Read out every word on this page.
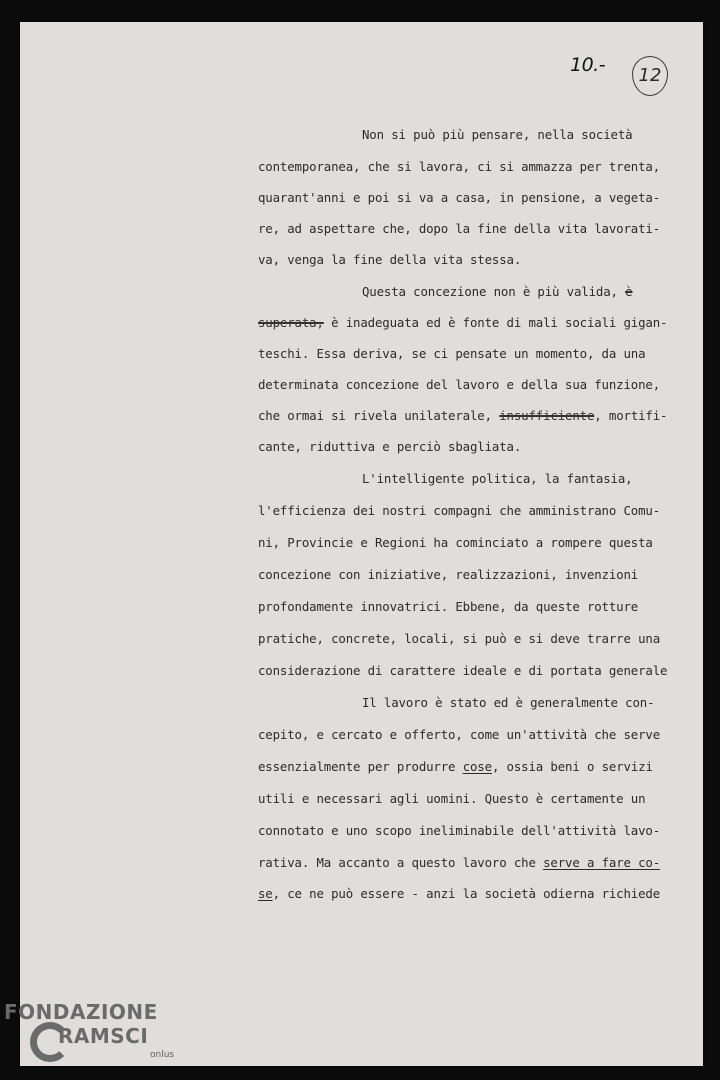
10.-	12
Non si può più pensare, nella società
contemporanea, che si lavora, ci si ammazza per trenta,
quarant'anni e poi si va a casa, in pensione, a vegeta-
re, ad aspettare che, dopo la fine della vita lavorati-
va, venga la fine della vita stessa.
Questa concezione non è più valida, è
superata, è inadeguata ed è fonte di mali sociali gigan-
teschi. Essa deriva, se ci pensate un momento, da una
determinata concezione del lavoro e della sua funzione,
che ormai si rivela unilaterale, insufficiente, mortifi-
cante, riduttiva e perciò sbagliata.
L'intelligente politica, la fantasia,
l'efficienza dei nostri compagni che amministrano Comu-
ni, Provincie e Regioni ha cominciato a rompere questa
concezione con iniziative, realizzazioni, invenzioni
profondamente innovatrici. Ebbene, da queste rotture
pratiche, concrete, locali, si può e si deve trarre una
considerazione di carattere ideale e di portata generale
Il lavoro è stato ed è generalmente con-
cepito, e cercato e offerto, come un'attività che serve
essenzialmente per produrre cose, ossia beni o servizi
utili e necessari agli uomini. Questo è certamente un
connotato e uno scopo ineliminabile dell'attività lavo-
rativa. Ma accanto a questo lavoro che serve a fare co-
se, ce ne può essere - anzi la società odierna richiede
FONDAZIONE
RAMSCI
onlus
